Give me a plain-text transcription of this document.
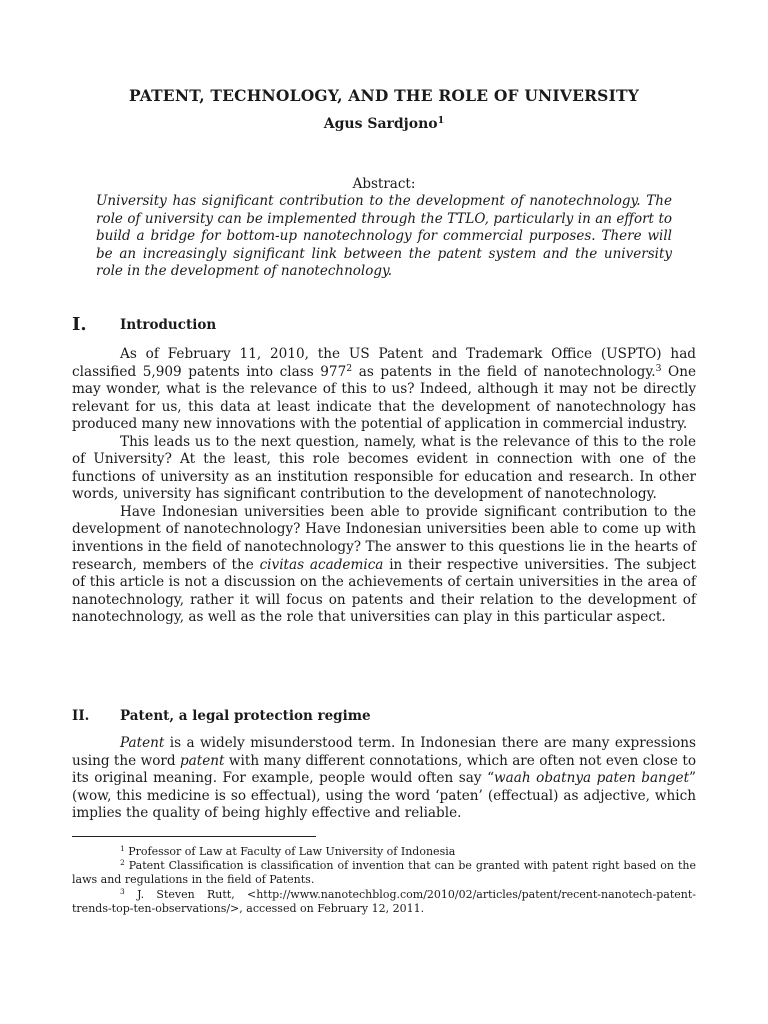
PATENT, TECHNOLOGY, AND THE ROLE OF UNIVERSITY
Agus Sardjono$^1$
Abstract:

University has significant contribution to the development of nanotechnology. The role of university can be implemented through the TTLO, particularly in an effort to build a bridge for bottom-up nanotechnology for commercial purposes. There will be an increasingly significant link between the patent system and the university role in the development of nanotechnology.

I. Introduction

As of February 11, 2010, the US Patent and Trademark Office (USPTO) had classified 5,909 patents into class $977^2$ as patents in the field of nanotechnology.$^3$ One may wonder, what is the relevance of this to us? Indeed, although it may not be directly relevant for us, this data at least indicate that the development of nanotechnology has produced many new innovations with the potential of application in commercial industry.

This leads us to the next question, namely, what is the relevance of this to the role of University? At the least, this role becomes evident in connection with one of the functions of university as an institution responsible for education and research. In other words, university has significant contribution to the development of nanotechnology.

Have Indonesian universities been able to provide significant contribution to the development of nanotechnology? Have Indonesian universities been able to come up with inventions in the field of nanotechnology? The answer to this questions lie in the hearts of research, members of the civitas academica in their respective universities. The subject of this article is not a discussion on the achievements of certain universities in the area of nanotechnology, rather it will focus on patents and their relation to the development of nanotechnology, as well as the role that universities can play in this particular aspect.

II. Patent, a legal protection regime

Patent is a widely misunderstood term. In Indonesian there are many expressions using the word patent with many different connotations, which are often not even close to its original meaning. For example, people would often say “waah obatnya paten banget” (wow, this medicine is so effectual), using the word ‘paten’ (effectual) as adjective, which implies the quality of being highly effective and reliable.

$^1$ Professor of Law at Faculty of Law University of Indonesia

$^2$ Patent Classification is classification of invention that can be granted with patent right based on the laws and regulations in the field of Patents.

$^3$ J. Steven Rutt, <http://www.nanotechblog.com/2010/02/articles/patent/recent-nanotech-patent-trends-top-ten-observations/>, accessed on February 12, 2011.
